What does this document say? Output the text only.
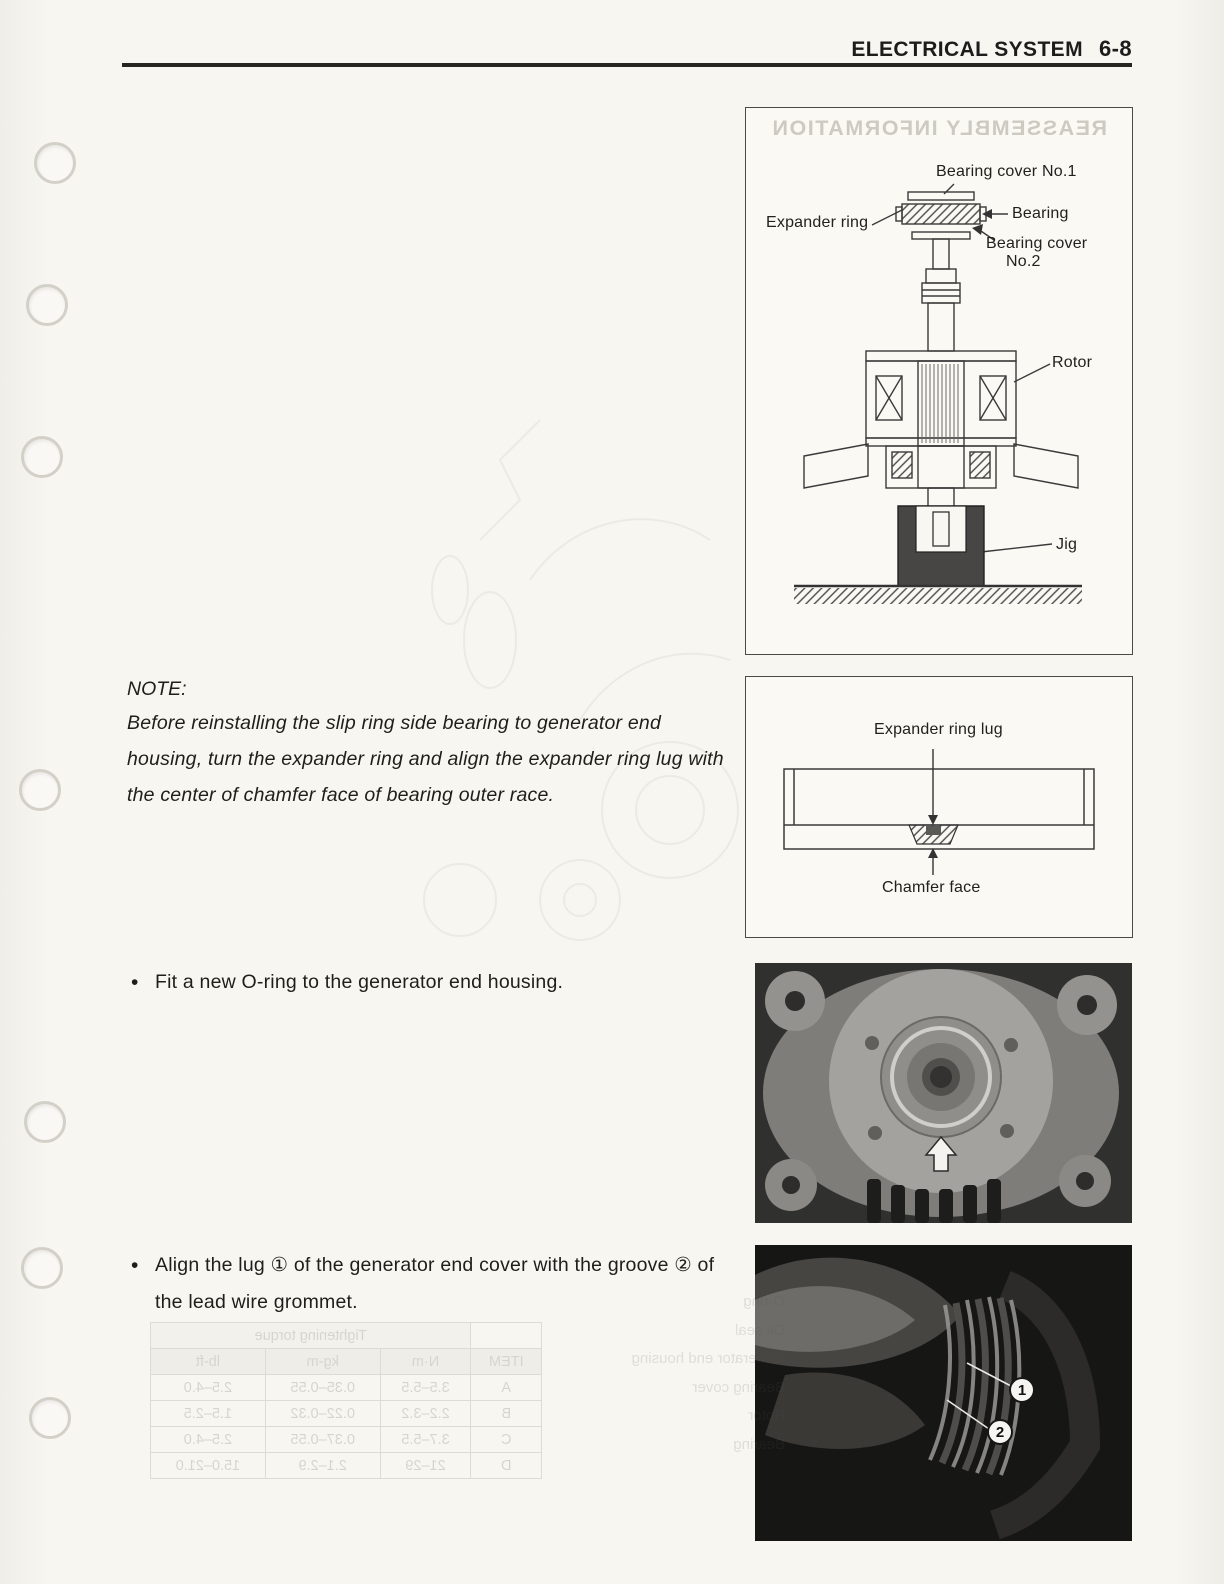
ELECTRICAL SYSTEM 6-8
REASSEMBLY INFORMATION
Bearing cover No.1
Expander ring
Bearing
Bearing cover
No.2
Rotor
Jig
NOTE:

Before reinstalling the slip ring side bearing to generator end housing, turn the expander ring and align the expander ring lug with the center of chamfer face of bearing outer race.

Expander ring lug
Chamfer face
• Fit a new O-ring to the generator end housing.
• Align the lug ① of the generator end cover with the groove ② of the lead wire grommet.
1
2
	Tightening torque		
ITEM	N·m	kg-m	lb-ft
A	3.5–5.5	0.35–0.55	2.5–4.0
B	2.2–3.2	0.22–0.32	1.5–2.5
C	3.7–5.5	0.37–0.55	2.5–4.0
D	21–29	2.1–2.9	15.0–21.0
seal
Generator end housing
Bearing cover
